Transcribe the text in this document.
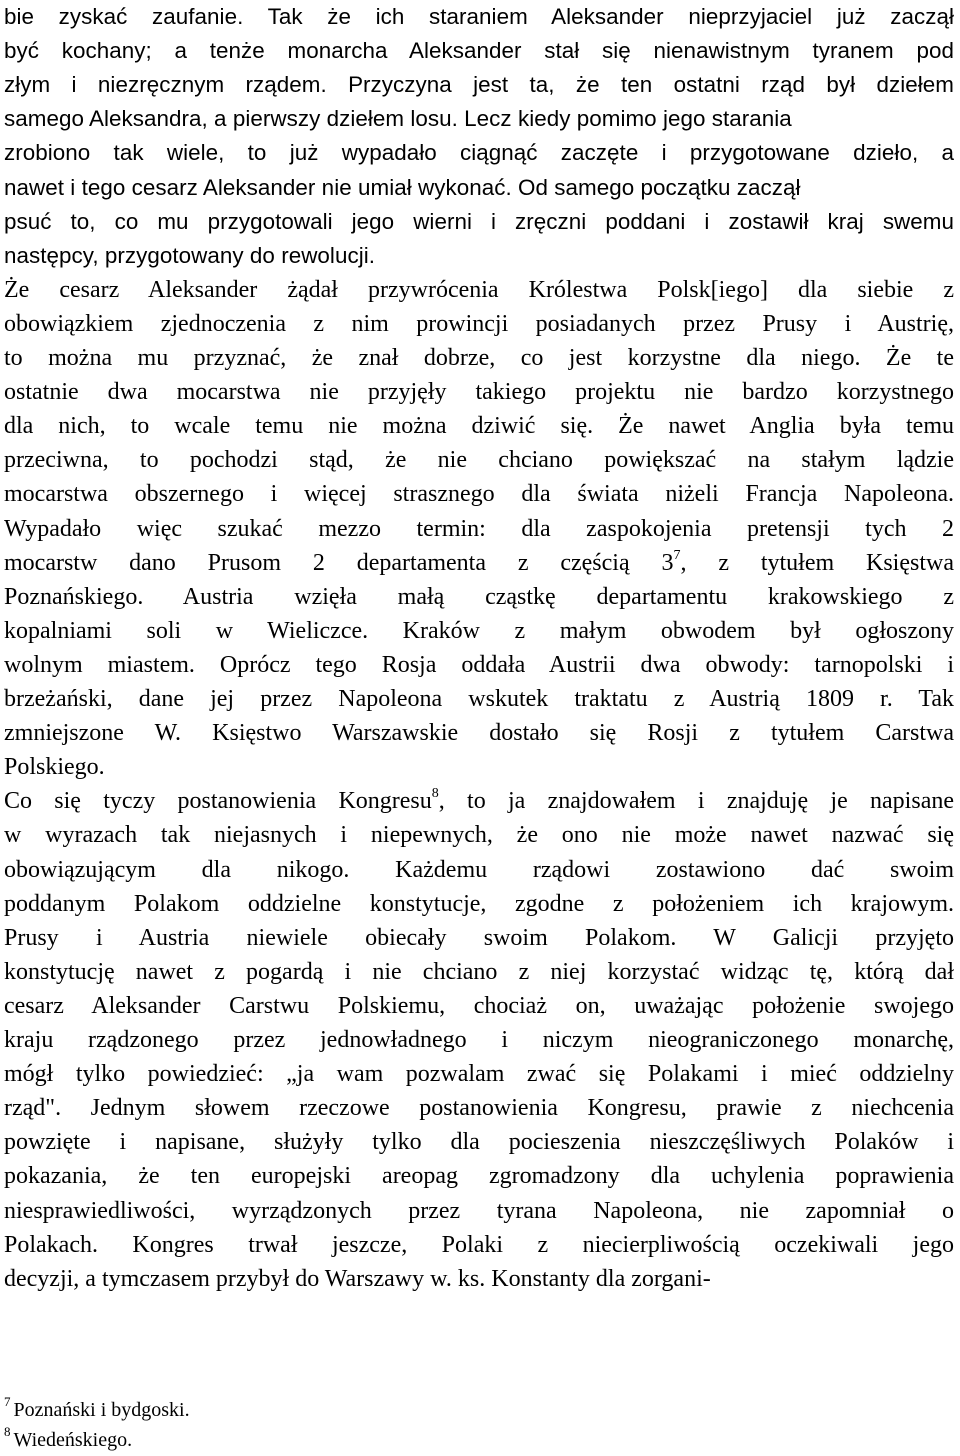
bie zyskać zaufanie. Tak że ich staraniem Aleksander nieprzyjaciel już zaczął
być kochany; a tenże monarcha Aleksander stał się nienawistnym tyranem pod
złym i niezręcznym rządem. Przyczyna jest ta, że ten ostatni rząd był dziełem
samego Aleksandra, a pierwszy dziełem losu. Lecz kiedy pomimo jego starania
zrobiono tak wiele, to już wypadało ciągnąć zaczęte i przygotowane dzieło, a
nawet i tego cesarz Aleksander nie umiał wykonać. Od samego początku zaczął
psuć to, co mu przygotowali jego wierni i zręczni poddani i zostawił kraj swemu
następcy, przygotowany do rewolucji.
Że cesarz Aleksander żądał przywrócenia Królestwa Polsk[iego] dla siebie z
obowiązkiem zjednoczenia z nim prowincji posiadanych przez Prusy i Austrię,
to można mu przyznać, że znał dobrze, co jest korzystne dla niego. Że te
ostatnie dwa mocarstwa nie przyjęły takiego projektu nie bardzo korzystnego
dla nich, to wcale temu nie można dziwić się. Że nawet Anglia była temu
przeciwna, to pochodzi stąd, że nie chciano powiększać na stałym lądzie
mocarstwa obszernego i więcej strasznego dla świata niżeli Francja Napoleona.
Wypadało więc szukać mezzo termin: dla zaspokojenia pretensji tych 2
mocarstw dano Prusom 2 departamenta z częścią $3^7$, z tytułem Księstwa
Poznańskiego. Austria wzięła małą cząstkę departamentu krakowskiego z
kopalniami soli w Wieliczce. Kraków z małym obwodem był ogłoszony
wolnym miastem. Oprócz tego Rosja oddała Austrii dwa obwody: tarnopolski i
brzeżański, dane jej przez Napoleona wskutek traktatu z Austrią 1809 r. Tak
zmniejszone W. Księstwo Warszawskie dostało się Rosji z tytułem Carstwa
Polskiego.
Co się tyczy postanowienia Kongresu$^8$, to ja znajdowałem i znajduję je napisane
w wyrazach tak niejasnych i niepewnych, że ono nie może nawet nazwać się
obowiązującym dla nikogo. Każdemu rządowi zostawiono dać swoim
poddanym Polakom oddzielne konstytucje, zgodne z położeniem ich krajowym.
Prusy i Austria niewiele obiecały swoim Polakom. W Galicji przyjęto
konstytucję nawet z pogardą i nie chciano z niej korzystać widząc tę, którą dał
cesarz Aleksander Carstwu Polskiemu, chociaż on, uważając położenie swojego
kraju rządzonego przez jednowładnego i niczym nieograniczonego monarchę,
mógł tylko powiedzieć: „ja wam pozwalam zwać się Polakami i mieć oddzielny
rząd". Jednym słowem rzeczowe postanowienia Kongresu, prawie z niechcenia
powzięte i napisane, służyły tylko dla pocieszenia nieszczęśliwych Polaków i
pokazania, że ten europejski areopag zgromadzony dla uchylenia poprawienia
niesprawiedliwości, wyrządzonych przez tyrana Napoleona, nie zapomniał o
Polakach. Kongres trwał jeszcze, Polaki z niecierpliwością oczekiwali jego
decyzji, a tymczasem przybył do Warszawy w. ks. Konstanty dla zorgani-
$^7$ Poznański i bydgoski.
$^8$ Wiedeńskiego.
